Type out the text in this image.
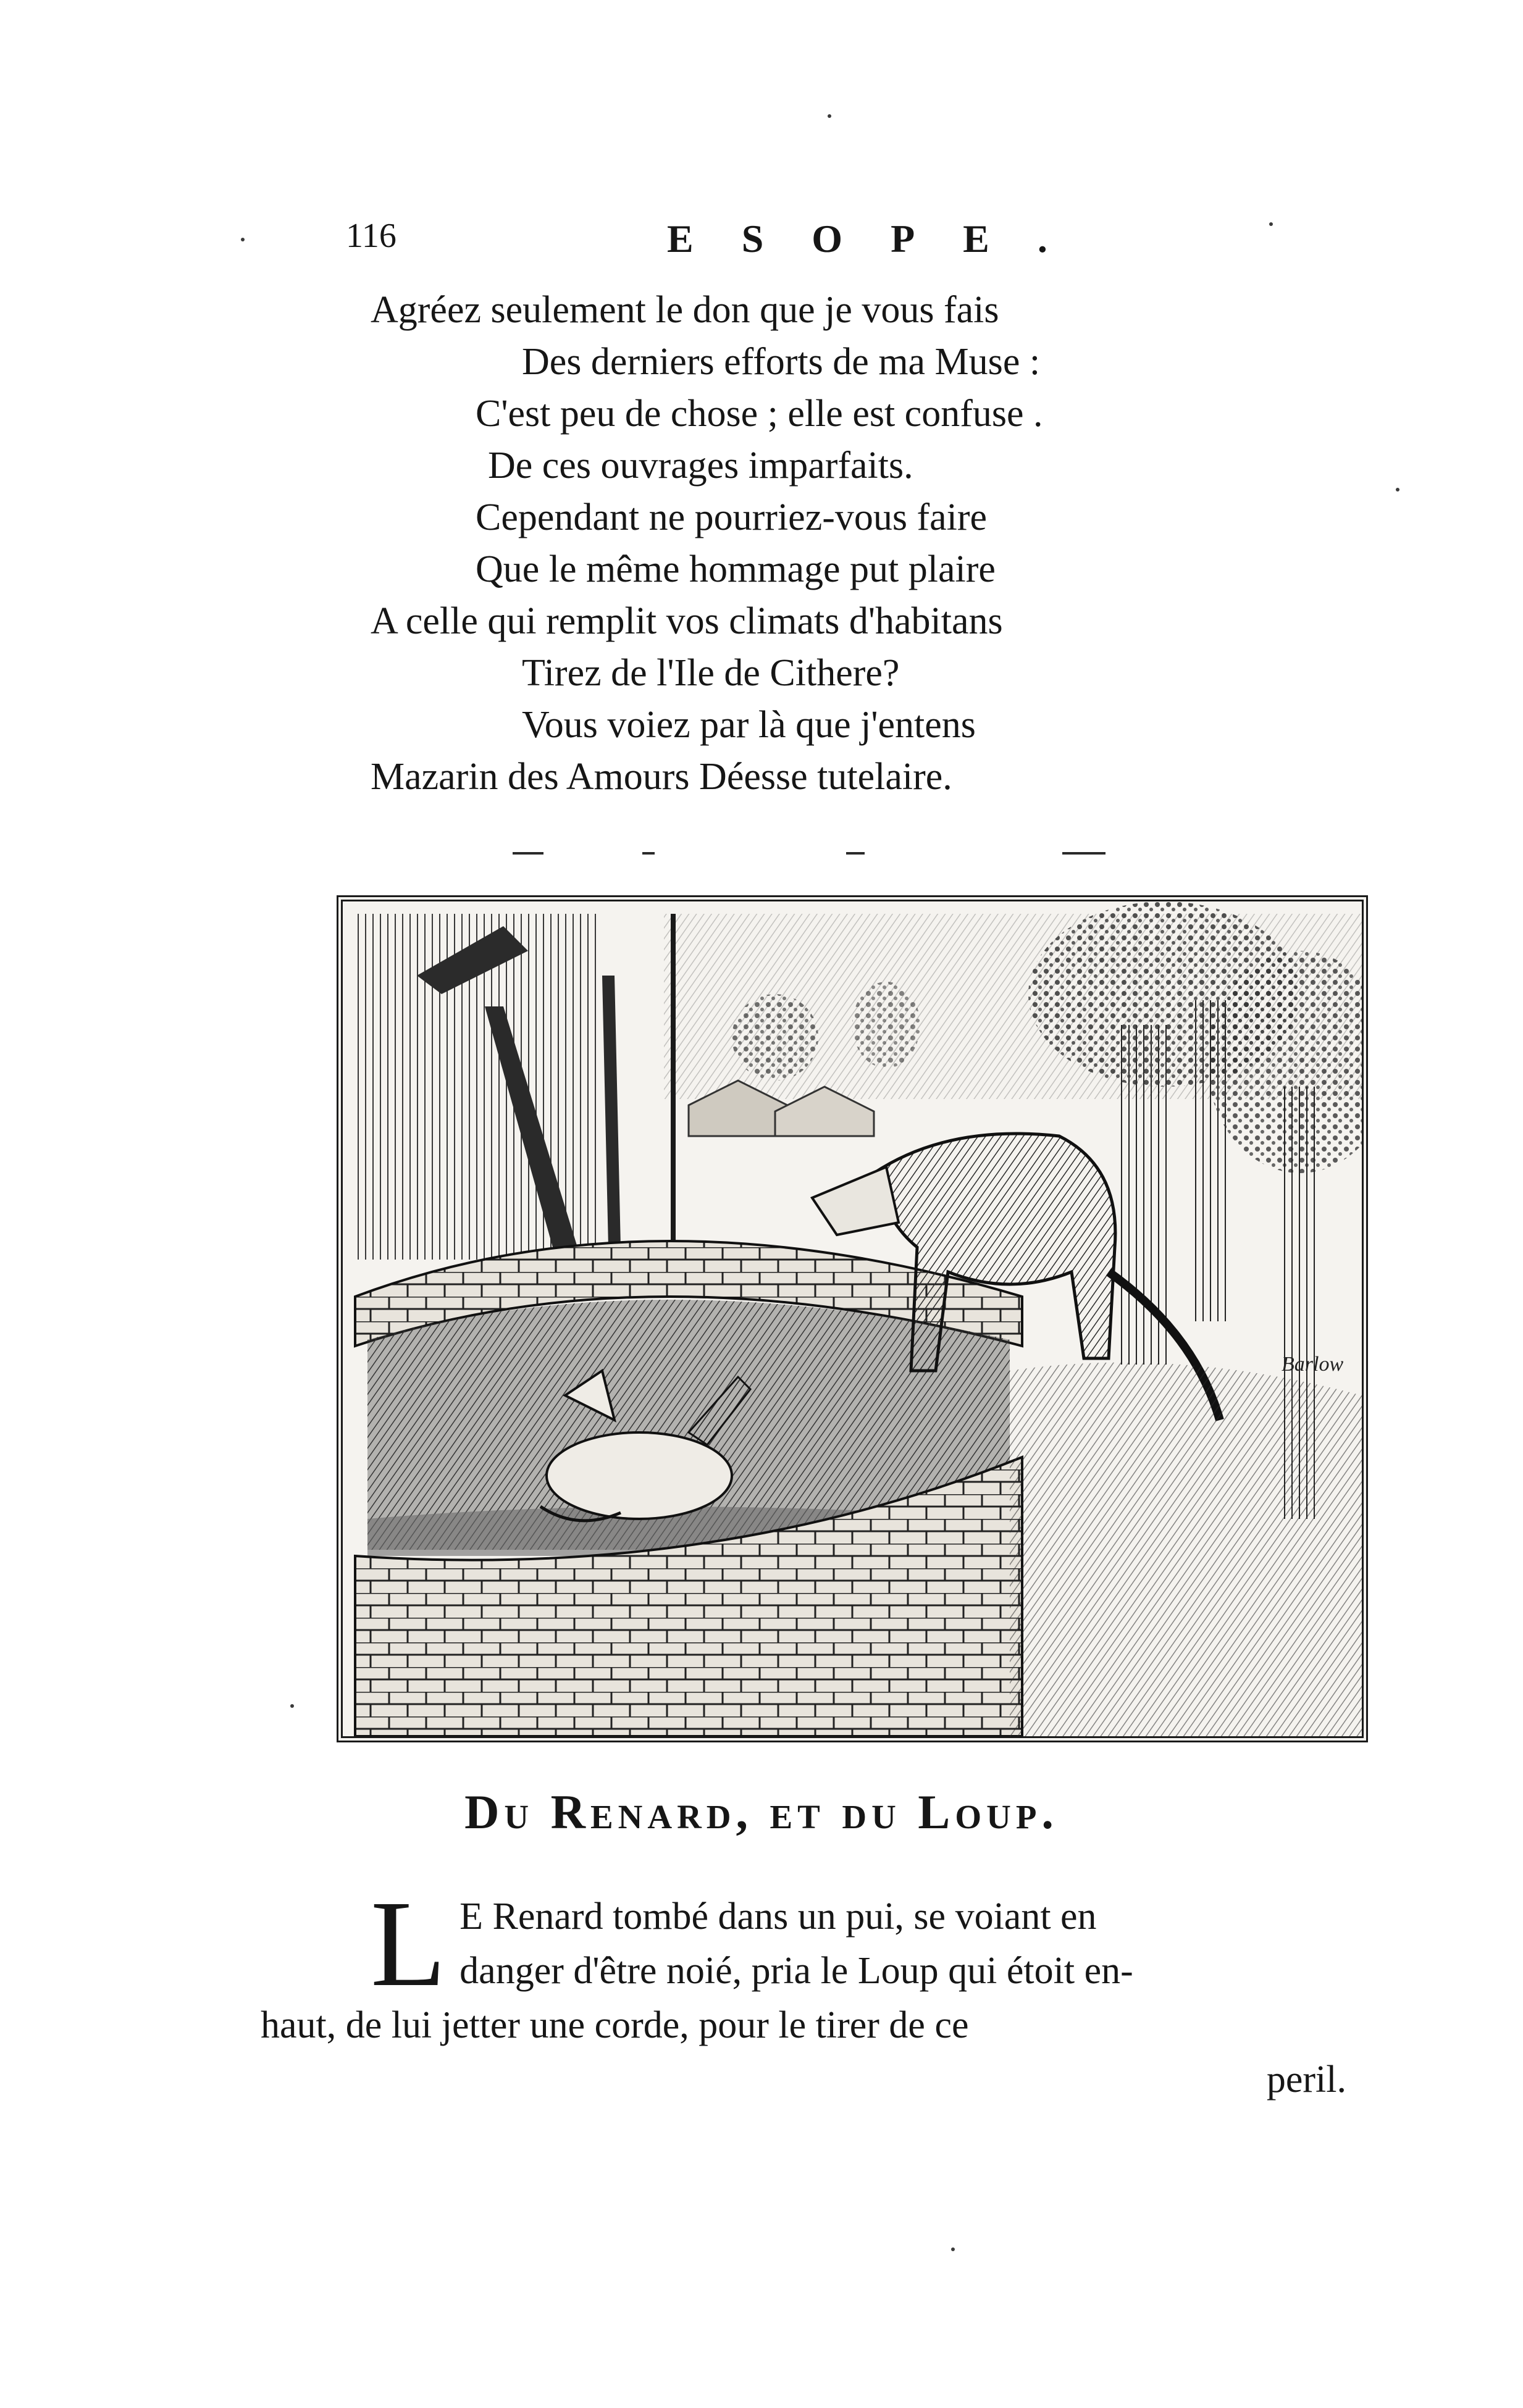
116	ESOPE.
Agréez seulement le don que je vous fais
Des derniers efforts de ma Muse :
C'est peu de chose ; elle est confuse .
De ces ouvrages imparfaits.
Cependant ne pourriez-vous faire
Que le même hommage put plaire
A celle qui remplit vos climats d'habitans
Tirez de l'Ile de Cithere?
Vous voiez par là que j'entens
Mazarin des Amours Déesse tutelaire.
Barlow
Du Renard, et du Loup.
L E Renard tombé dans un pui, se voiant en
danger d'être noié, pria le Loup qui étoit en-
haut, de lui jetter une corde, pour le tirer de ce
peril.
